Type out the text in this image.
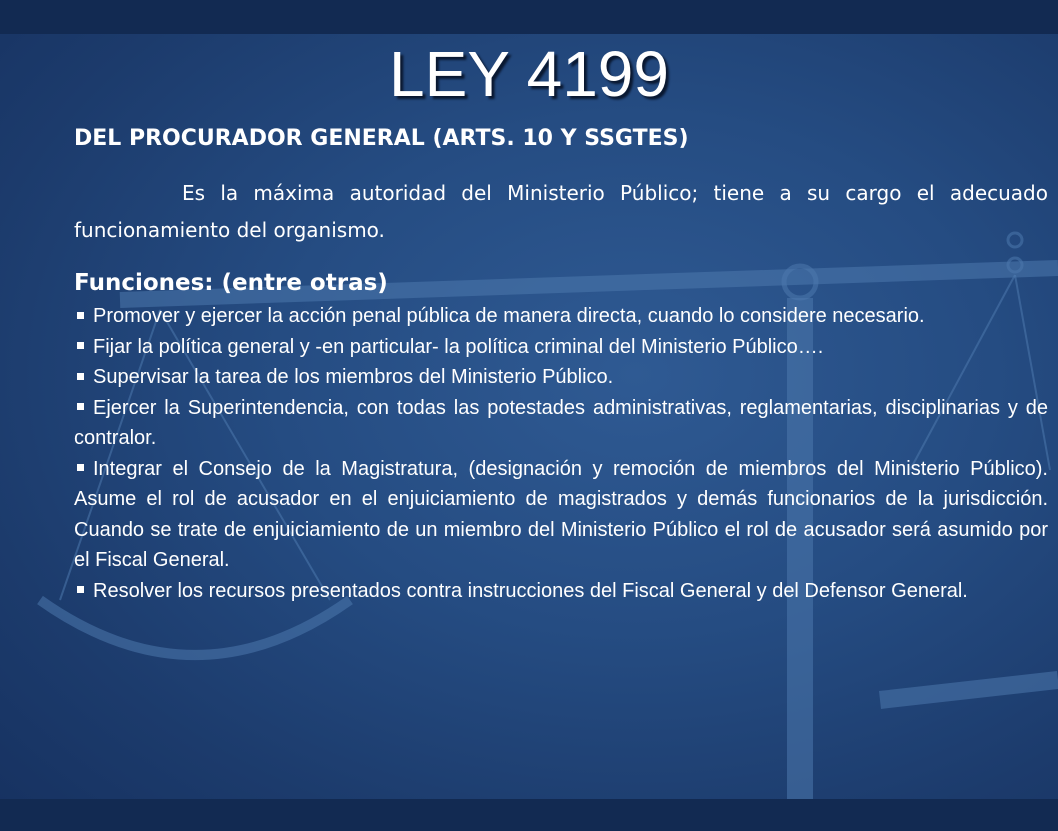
LEY 4199

DEL PROCURADOR GENERAL (ARTS. 10 Y SSGTES)

Es la máxima autoridad del Ministerio Público; tiene a su cargo el adecuado funcionamiento del organismo.

Funciones: (entre otras)

Promover y ejercer la acción penal pública de manera directa, cuando lo considere necesario.
Fijar la política general y -en particular- la política criminal del Ministerio Público….
Supervisar la tarea de los miembros del Ministerio Público.
Ejercer la Superintendencia, con todas las potestades administrativas, reglamentarias, disciplinarias y de contralor.
Integrar el Consejo de la Magistratura, (designación y remoción de miembros del Ministerio Público). Asume el rol de acusador en el enjuiciamiento de magistrados y demás funcionarios de la jurisdicción. Cuando se trate de enjuiciamiento de un miembro del Ministerio Público el rol de acusador será asumido por el Fiscal General.
Resolver los recursos presentados contra instrucciones del Fiscal General y del Defensor General.
